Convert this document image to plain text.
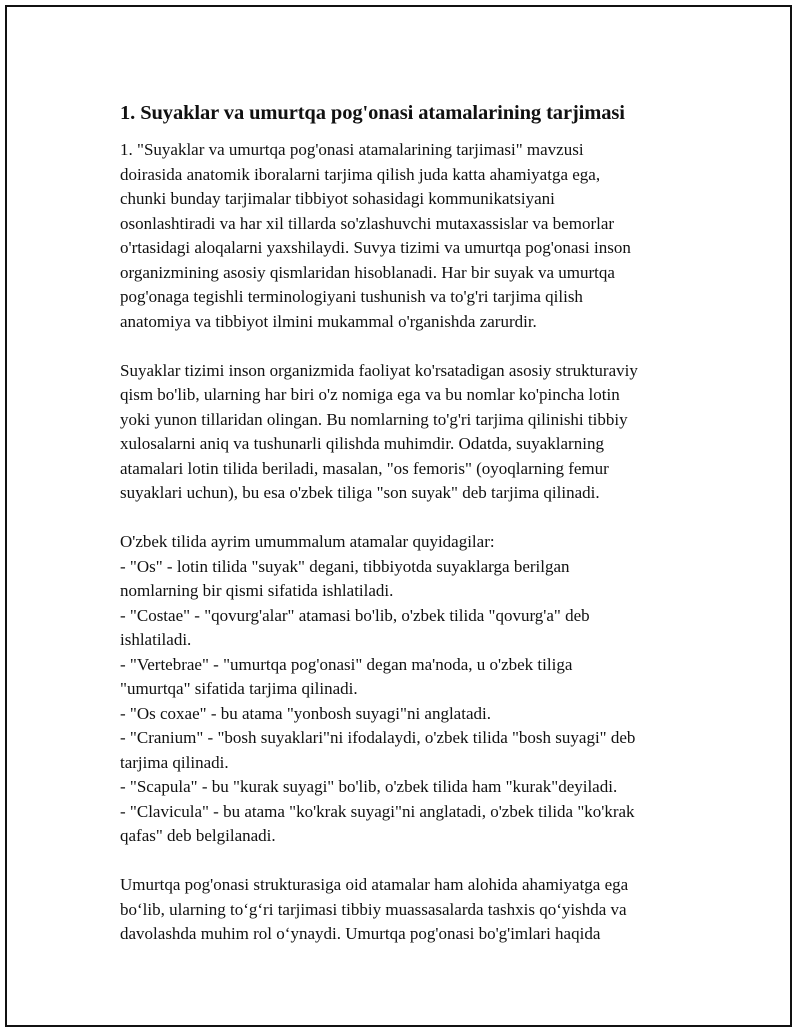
1. Suyaklar va umurtqa pog'onasi atamalarining tarjimasi

1. "Suyaklar va umurtqa pog'onasi atamalarining tarjimasi" mavzusi
doirasida anatomik iboralarni tarjima qilish juda katta ahamiyatga ega,
chunki bunday tarjimalar tibbiyot sohasidagi kommunikatsiyani
osonlashtiradi va har xil tillarda so'zlashuvchi mutaxassislar va bemorlar
o'rtasidagi aloqalarni yaxshilaydi. Suvya tizimi va umurtqa pog'onasi inson
organizmining asosiy qismlaridan hisoblanadi. Har bir suyak va umurtqa
pog'onaga tegishli terminologiyani tushunish va to'g'ri tarjima qilish
anatomiya va tibbiyot ilmini mukammal o'rganishda zarurdir.

Suyaklar tizimi inson organizmida faoliyat ko'rsatadigan asosiy strukturaviy
qism bo'lib, ularning har biri o'z nomiga ega va bu nomlar ko'pincha lotin
yoki yunon tillaridan olingan. Bu nomlarning to'g'ri tarjima qilinishi tibbiy
xulosalarni aniq va tushunarli qilishda muhimdir. Odatda, suyaklarning
atamalari lotin tilida beriladi, masalan, "os femoris" (oyoqlarning femur
suyaklari uchun), bu esa o'zbek tiliga "son suyak" deb tarjima qilinadi.

O'zbek tilida ayrim umummalum atamalar quyidagilar:

- "Os" - lotin tilida "suyak" degani, tibbiyotda suyaklarga berilgan
nomlarning bir qismi sifatida ishlatiladi.

- "Costae" - "qovurg'alar" atamasi bo'lib, o'zbek tilida "qovurg'a" deb
ishlatiladi.

- "Vertebrae" - "umurtqa pog'onasi" degan ma'noda, u o'zbek tiliga
"umurtqa" sifatida tarjima qilinadi.

- "Os coxae" - bu atama "yonbosh suyagi"ni anglatadi.

- "Cranium" - "bosh suyaklari"ni ifodalaydi, o'zbek tilida "bosh suyagi" deb
tarjima qilinadi.

- "Scapula" - bu "kurak suyagi" bo'lib, o'zbek tilida ham "kurak"deyiladi.

- "Clavicula" - bu atama "ko'krak suyagi"ni anglatadi, o'zbek tilida "ko'krak
qafas" deb belgilanadi.

Umurtqa pog'onasi strukturasiga oid atamalar ham alohida ahamiyatga ega
bo‘lib, ularning to‘g‘ri tarjimasi tibbiy muassasalarda tashxis qo‘yishda va
davolashda muhim rol o‘ynaydi. Umurtqa pog'onasi bo'g'imlari haqida
